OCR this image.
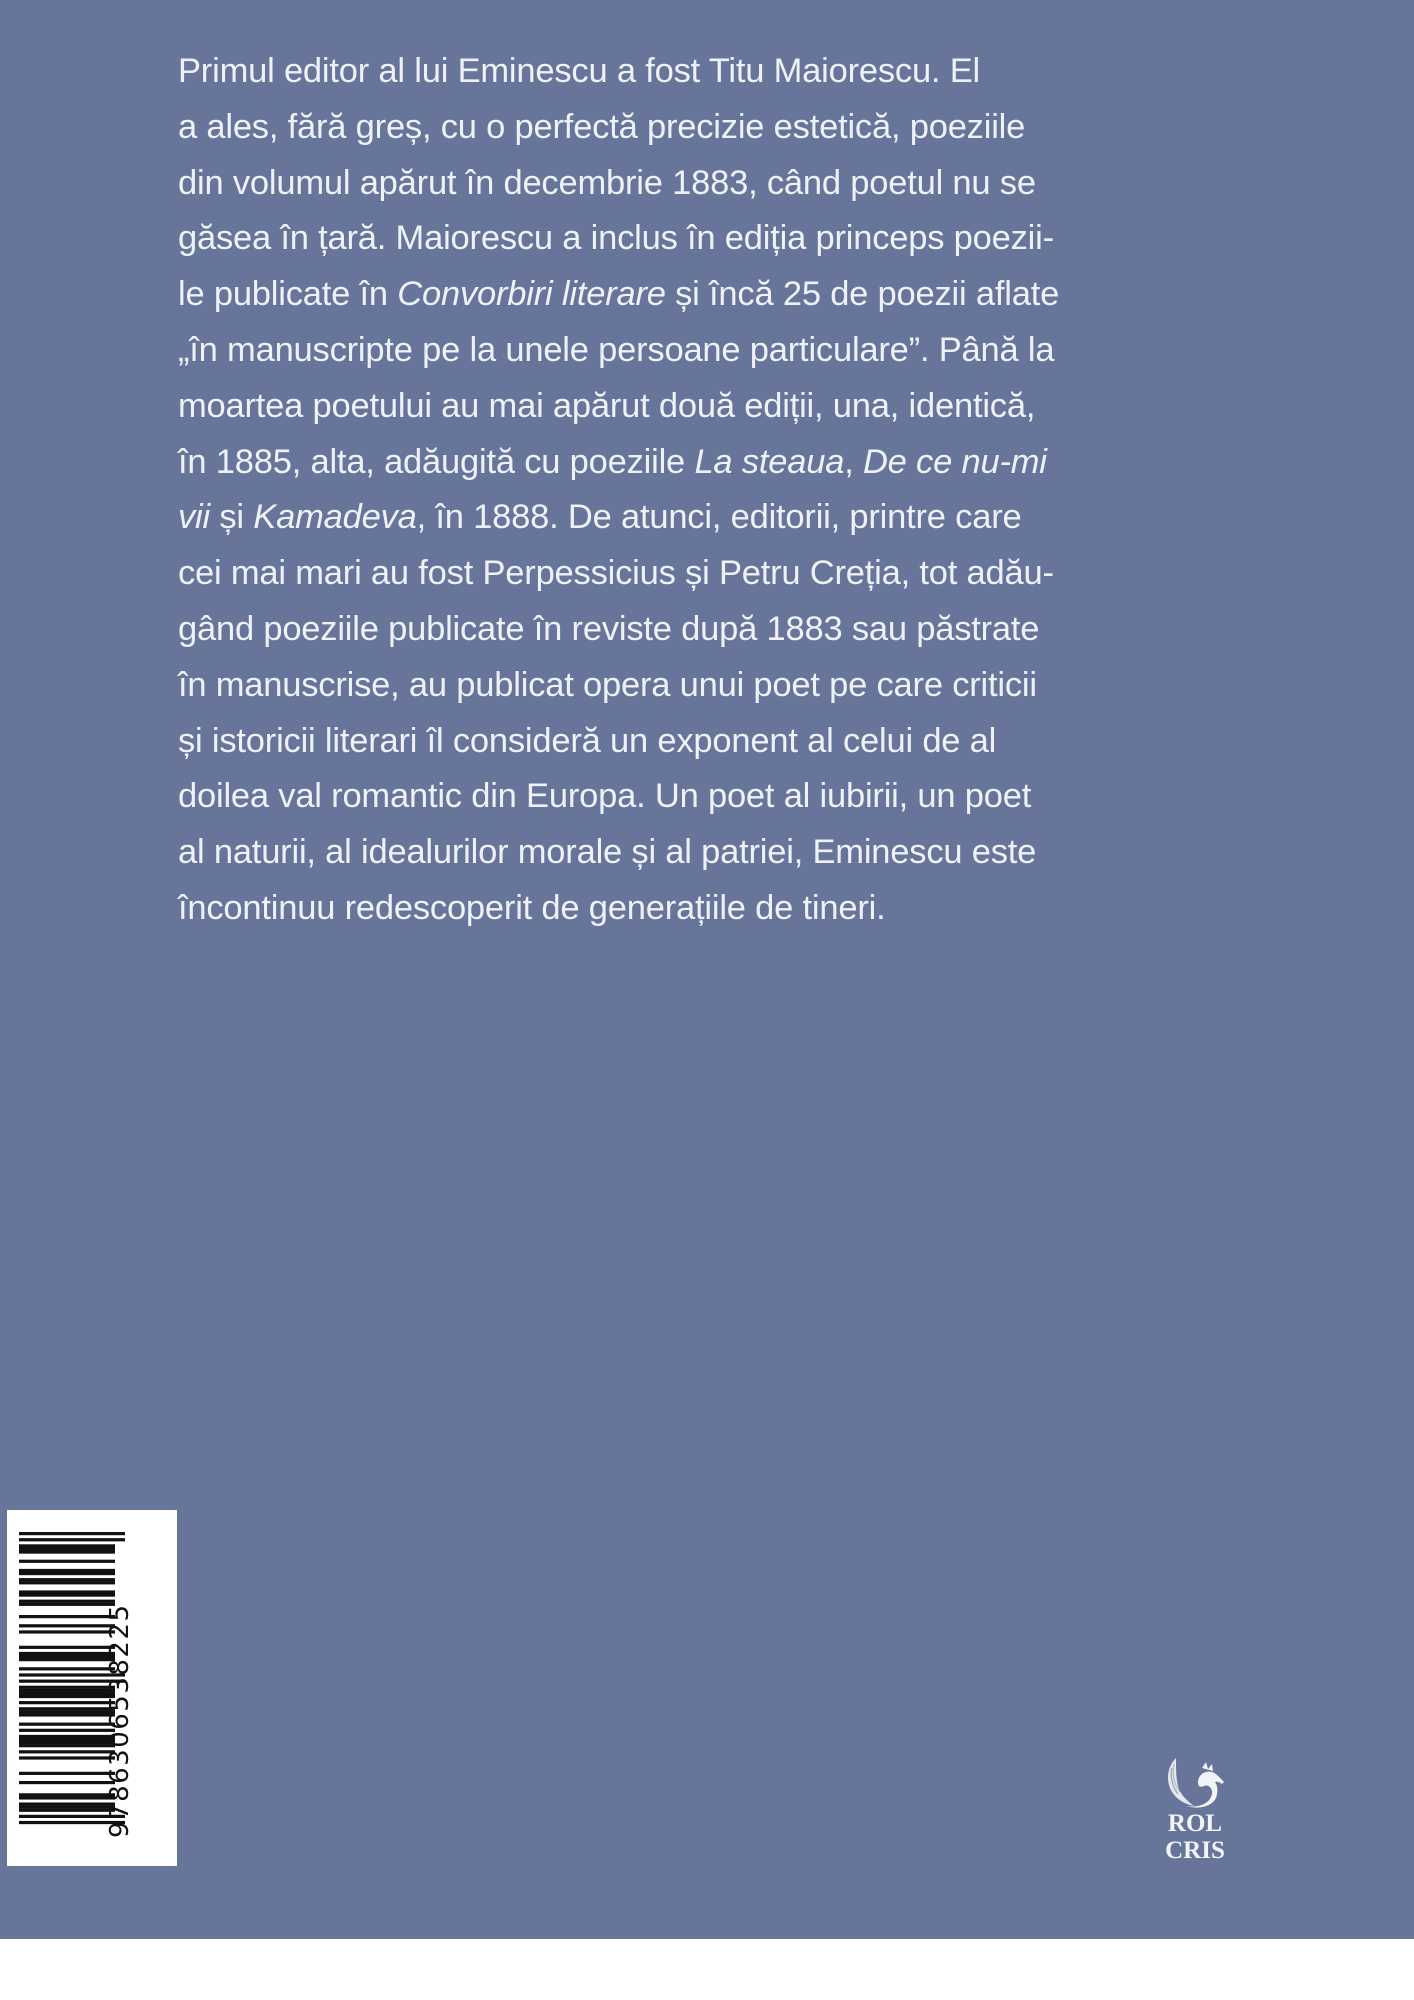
Primul editor al lui Eminescu a fost Titu Maiorescu. El
a ales, fără greș, cu o perfectă precizie estetică, poeziile
din volumul apărut în decembrie 1883, când poetul nu se
găsea în țară. Maiorescu a inclus în ediția princeps poezii-
le publicate în Convorbiri literare și încă 25 de poezii aflate
„în manuscripte pe la unele persoane particulare”. Până la
moartea poetului au mai apărut două ediții, una, identică,
în 1885, alta, adăugită cu poeziile La steaua, De ce nu-mi
vii și Kamadeva, în 1888. De atunci, editorii, printre care
cei mai mari au fost Perpessicius și Petru Creția, tot adău-
gând poeziile publicate în reviste după 1883 sau păstrate
în manuscrise, au publicat opera unui poet pe care criticii
și istoricii literari îl consideră un exponent al celui de al
doilea val romantic din Europa. Un poet al iubirii, un poet
al naturii, al idealurilor morale și al patriei, Eminescu este
încontinuu redescoperit de generațiile de tineri.
9786306538225	ROL
CRIS
